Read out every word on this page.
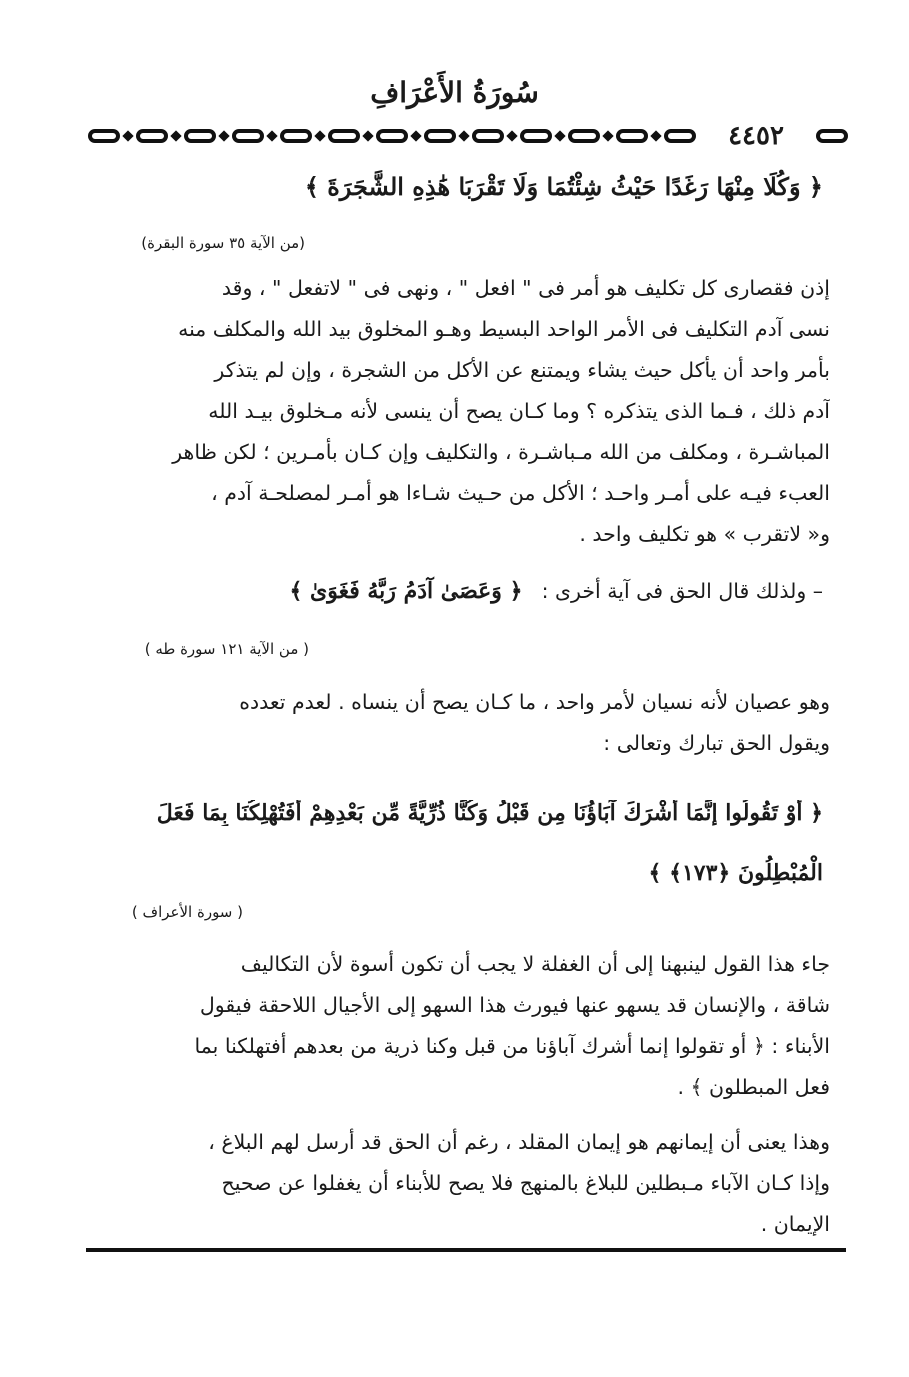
سُورَةُ الأَعْرَافِ
٤٤٥٢
﴿ وَكُلَا مِنْهَا رَغَدًا حَيْثُ شِئْتُمَا وَلَا تَقْرَبَا هَٰذِهِ الشَّجَرَةَ ﴾
(من الآية ٣٥ سورة البقرة)
إذن فقصارى كل تكليف هو أمر فى " افعل " ، ونهى فى " لاتفعل " ، وقد
نسى آدم التكليف فى الأمر الواحد البسيط وهـو المخلوق بيد الله والمكلف منه
بأمر واحد أن يأكل حيث يشاء ويمتنع عن الأكل من الشجرة ، وإن لم يتذكر
آدم ذلك ، فـما الذى يتذكره ؟ وما كـان يصح أن ينسى لأنه مـخلوق بيـد الله
المباشـرة ، ومكلف من الله مـباشـرة ، والتكليف وإن كـان بأمـرين ؛ لكن ظاهر
العبء فيـه على أمـر واحـد ؛ الأكل من حـيث شـاءا هو أمـر لمصلحـة آدم ،
و« لاتقرب » هو تكليف واحد .
– ولذلك قال الحق فى آية أخرى : ﴿ وَعَصَىٰ آدَمُ رَبَّهُ فَغَوَىٰ ﴾
( من الآية ١٢١ سورة طه )
وهو عصيان لأنه نسيان لأمر واحد ، ما كـان يصح أن ينساه . لعدم تعدده
ويقول الحق تبارك وتعالى :
﴿ أَوْ تَقُولُوا إِنَّمَا أَشْرَكَ آبَاؤُنَا مِن قَبْلُ وَكُنَّا ذُرِّيَّةً مِّن بَعْدِهِمْ أَفَتُهْلِكُنَا بِمَا فَعَلَ
الْمُبْطِلُونَ ﴿١٧٣﴾ ﴾
( سورة الأعراف )
جاء هذا القول لينبهنا إلى أن الغفلة لا يجب أن تكون أسوة لأن التكاليف
شاقة ، والإنسان قد يسهو عنها فيورث هذا السهو إلى الأجيال اللاحقة فيقول
الأبناء : ﴿ أو تقولوا إنما أشرك آباؤنا من قبل وكنا ذرية من بعدهم أفتهلكنا بما
فعل المبطلون ﴾ .
وهذا يعنى أن إيمانهم هو إيمان المقلد ، رغم أن الحق قد أرسل لهم البلاغ ،
وإذا كـان الآباء مـبطلين للبلاغ بالمنهج فلا يصح للأبناء أن يغفلوا عن صحيح
الإيمان .
